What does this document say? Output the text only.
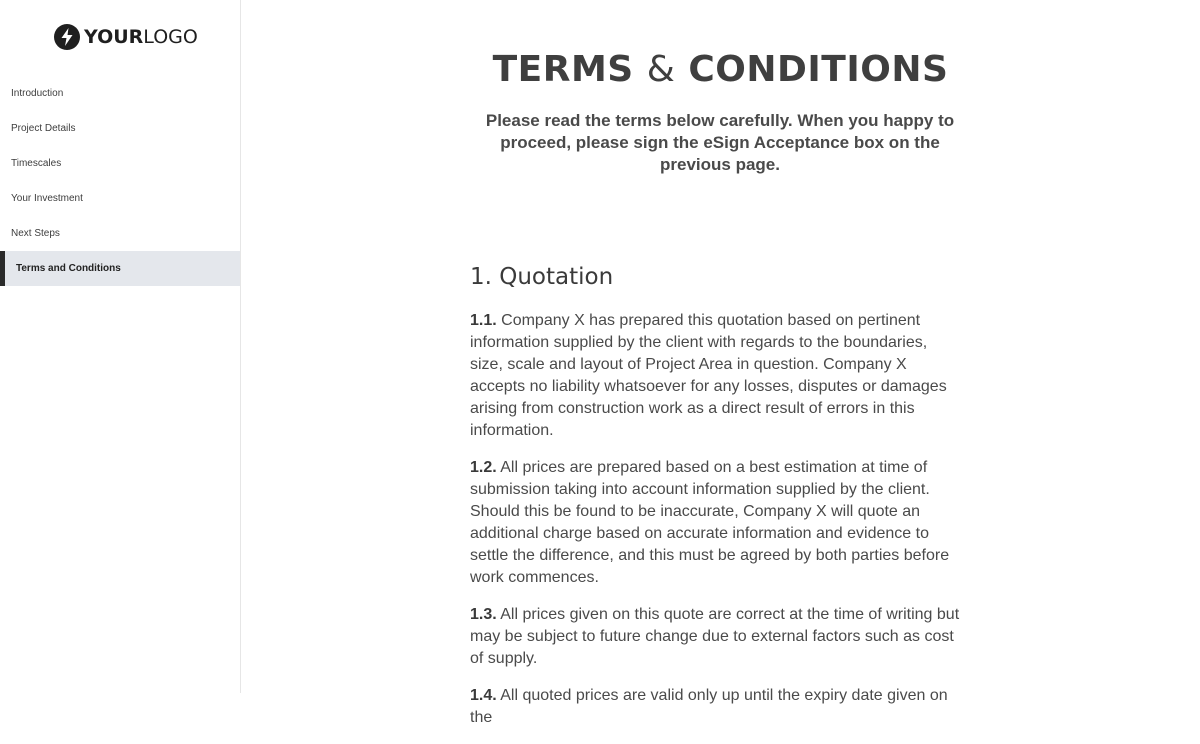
YOURLOGO
Introduction
Project Details
Timescales
Your Investment
Next Steps
Terms and Conditions
TERMS & CONDITIONS

Please read the terms below carefully. When you happy to proceed, please sign the eSign Acceptance box on the previous page.

1. Quotation

1.1. Company X has prepared this quotation based on pertinent information supplied by the client with regards to the boundaries, size, scale and layout of Project Area in question. Company X accepts no liability whatsoever for any losses, disputes or damages arising from construction work as a direct result of errors in this information.

1.2. All prices are prepared based on a best estimation at time of submission taking into account information supplied by the client. Should this be found to be inaccurate, Company X will quote an additional charge based on accurate information and evidence to settle the difference, and this must be agreed by both parties before work commences.

1.3. All prices given on this quote are correct at the time of writing but may be subject to future change due to external factors such as cost of supply.

1.4. All quoted prices are valid only up until the expiry date given on the
